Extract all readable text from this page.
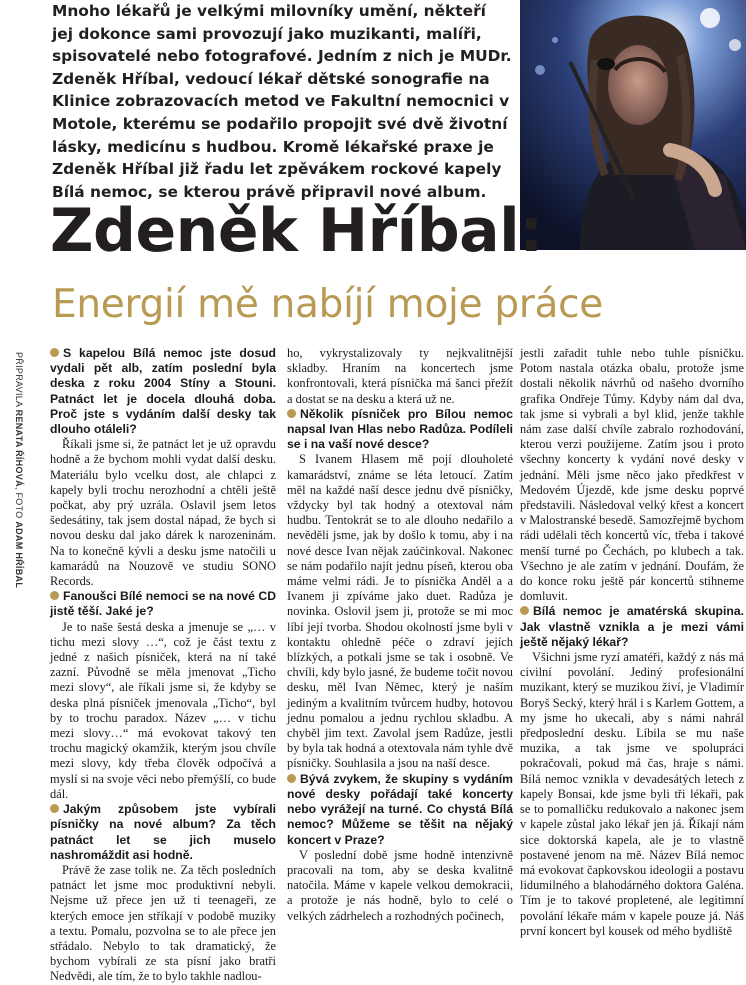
Mnoho lékařů je velkými milovníky umění, někteří jej dokonce sami provozují jako muzikanti, malíři, spisovatelé nebo fotografové. Jedním z nich je MUDr. Zdeněk Hříbal, vedoucí lékař dětské sonografie na Klinice zobrazovacích metod ve Fakultní nemocnici v Motole, kterému se podařilo propojit své dvě životní lásky, medicínu s hudbou. Kromě lékařské praxe je Zdeněk Hříbal již řadu let zpěvákem rockové kapely Bílá nemoc, se kterou právě připravil nové album.
Zdeněk Hříbal:
Energií mě nabíjí moje práce
PŘIPRAVILA RENATA ŘÍHOVÁ, FOTO ADAM HŘÍBAL

S kapelou Bílá nemoc jste dosud vydali pět alb, zatím poslední byla deska z roku 2004 Stíny a Stouni. Patnáct let je docela dlouhá doba. Proč jste s vydáním další desky tak dlouho otáleli?

Říkali jsme si, že patnáct let je už opravdu hodně a že bychom mohli vydat další desku. Materiálu bylo vcelku dost, ale chlapci z kapely byli trochu nerozhodní a chtěli ještě počkat, aby prý uzrála. Oslavil jsem letos šedesátiny, tak jsem dostal nápad, že bych si novou desku dal jako dárek k narozeninám. Na to konečně kývli a desku jsme natočili u kamarádů na Nouzově ve studiu SONO Records.

Fanoušci Bílé nemoci se na nové CD jistě těší. Jaké je?

Je to naše šestá deska a jmenuje se „… v tichu mezi slovy …“, což je část textu z jedné z našich písniček, která na ní také zazní. Původně se měla jmenovat „Ticho mezi slovy“, ale říkali jsme si, že kdyby se deska plná písniček jmenovala „Ticho“, byl by to trochu paradox. Název „… v tichu mezi slovy…“ má evokovat takový ten trochu magický okamžik, kterým jsou chvíle mezi slovy, kdy třeba člověk odpočívá a myslí si na svoje věci nebo přemýšlí, co bude dál.

Jakým způsobem jste vybírali písničky na nové album? Za těch patnáct let se jich muselo nashromáždit asi hodně.

Právě že zase tolik ne. Za těch posledních patnáct let jsme moc produktivní nebyli. Nejsme už přece jen už ti teenageři, ze kterých emoce jen stříkají v podobě muziky a textu. Pomalu, pozvolna se to ale přece jen střádalo. Nebylo to tak dramatický, že bychom vybírali ze sta písní jako bratři Nedvědi, ale tím, že to bylo takhle nadlou-

ho, vykrystalizovaly ty nejkvalitnější skladby. Hraním na koncertech jsme konfrontovali, která písnička má šanci přežít a dostat se na desku a která už ne.

Několik písniček pro Bílou nemoc napsal Ivan Hlas nebo Radůza. Podíleli se i na vaší nové desce?

S Ivanem Hlasem mě pojí dlouholeté kamarádství, známe se léta letoucí. Zatím měl na každé naší desce jednu dvě písničky, vždycky byl tak hodný a otextoval nám hudbu. Tentokrát se to ale dlouho nedařilo a nevěděli jsme, jak by došlo k tomu, aby i na nové desce Ivan nějak zaúčinkoval. Nakonec se nám podařilo najít jednu píseň, kterou oba máme velmi rádi. Je to písnička Anděl a a Ivanem ji zpíváme jako duet. Radůza je novinka. Oslovil jsem ji, protože se mi moc líbí její tvorba. Shodou okolností jsme byli v kontaktu ohledně péče o zdraví jejích blízkých, a potkali jsme se tak i osobně. Ve chvíli, kdy bylo jasné, že budeme točit novou desku, měl Ivan Němec, který je naším jediným a kvalitním tvůrcem hudby, hotovou jednu pomalou a jednu rychlou skladbu. A chyběl jim text. Zavolal jsem Radůze, jestli by byla tak hodná a otextovala nám tyhle dvě písničky. Souhlasila a jsou na naší desce.

Bývá zvykem, že skupiny s vydáním nové desky pořádají také koncerty nebo vyrážejí na turné. Co chystá Bílá nemoc? Můžeme se těšit na nějaký koncert v Praze?

V poslední době jsme hodně intenzivně pracovali na tom, aby se deska kvalitně natočila. Máme v kapele velkou demokracii, a protože je nás hodně, bylo to celé o velkých zádrhelech a rozhodných počinech,

jestli zařadit tuhle nebo tuhle písničku. Potom nastala otázka obalu, protože jsme dostali několik návrhů od našeho dvorního grafika Ondřeje Tůmy. Kdyby nám dal dva, tak jsme si vybrali a byl klid, jenže takhle nám zase další chvíle zabralo rozhodování, kterou verzi použijeme. Zatím jsou i proto všechny koncerty k vydání nové desky v jednání. Měli jsme něco jako předkřest v Medovém Újezdě, kde jsme desku poprvé představili. Následoval velký křest a koncert v Malostranské besedě. Samozřejmě bychom rádi udělali těch koncertů víc, třeba i takové menší turné po Čechách, po klubech a tak. Všechno je ale zatím v jednání. Doufám, že do konce roku ještě pár koncertů stihneme domluvit.

Bílá nemoc je amatérská skupina. Jak vlastně vznikla a je mezi vámi ještě nějaký lékař?

Všichni jsme ryzí amatéři, každý z nás má civilní povolání. Jediný profesionální muzikant, který se muzikou živí, je Vladimír Boryš Secký, který hrál i s Karlem Gottem, a my jsme ho ukecali, aby s námi nahrál předposlední desku. Líbila se mu naše muzika, a tak jsme ve spolupráci pokračovali, pokud má čas, hraje s námi. Bílá nemoc vznikla v devadesátých letech z kapely Bonsai, kde jsme byli tři lékaři, pak se to pomalličku redukovalo a nakonec jsem v kapele zůstal jako lékař jen já. Říkají nám sice doktorská kapela, ale je to vlastně postavené jenom na mě. Název Bílá nemoc má evokovat čapkovskou ideologii a postavu lidumilného a blahodárného doktora Galéna. Tím je to takové propletené, ale legitimní povolání lékaře mám v kapele pouze já. Náš první koncert byl kousek od mého bydliště
